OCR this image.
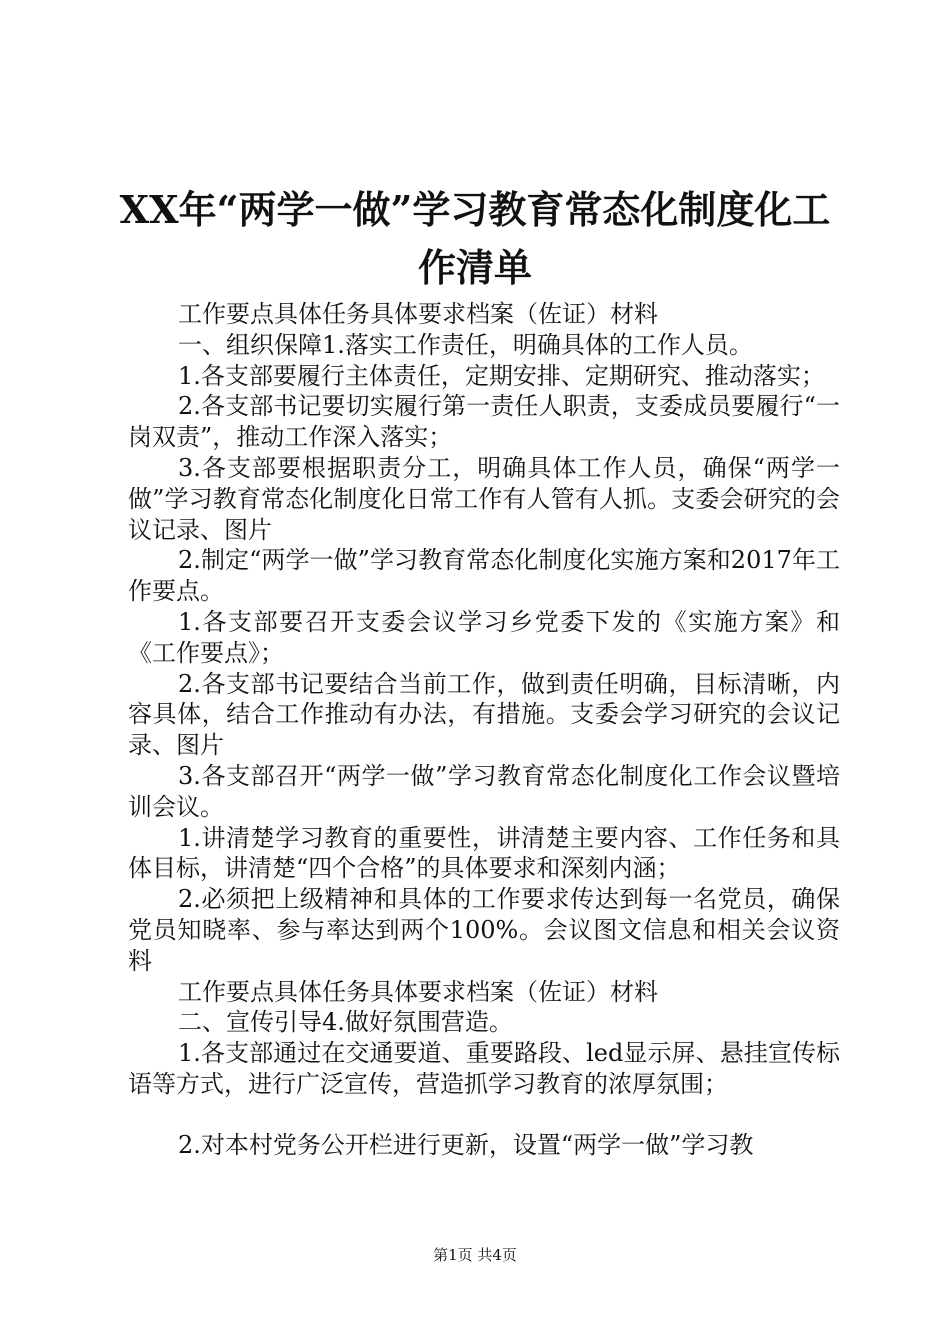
XX年“两学一做”学习教育常态化制度化工
作清单

工作要点具体任务具体要求档案（佐证）材料

一、组织保障1.落实工作责任，明确具体的工作人员。

1.各支部要履行主体责任，定期安排、定期研究、推动落实；

2.各支部书记要切实履行第一责任人职责，支委成员要履行“一岗双责”，推动工作深入落实；

3.各支部要根据职责分工，明确具体工作人员，确保“两学一做”学习教育常态化制度化日常工作有人管有人抓。支委会研究的会议记录、图片

2.制定“两学一做”学习教育常态化制度化实施方案和2017年工作要点。

1.各支部要召开支委会议学习乡党委下发的《实施方案》和《工作要点》；

2.各支部书记要结合当前工作，做到责任明确，目标清晰，内容具体，结合工作推动有办法，有措施。支委会学习研究的会议记录、图片

3.各支部召开“两学一做”学习教育常态化制度化工作会议暨培训会议。

1.讲清楚学习教育的重要性，讲清楚主要内容、工作任务和具体目标，讲清楚“四个合格”的具体要求和深刻内涵；

2.必须把上级精神和具体的工作要求传达到每一名党员，确保党员知晓率、参与率达到两个100%。会议图文信息和相关会议资料

工作要点具体任务具体要求档案（佐证）材料

二、宣传引导4.做好氛围营造。

1.各支部通过在交通要道、重要路段、led显示屏、悬挂宣传标语等方式，进行广泛宣传，营造抓学习教育的浓厚氛围；

2.对本村党务公开栏进行更新，设置“两学一做”学习教

第1页 共4页
